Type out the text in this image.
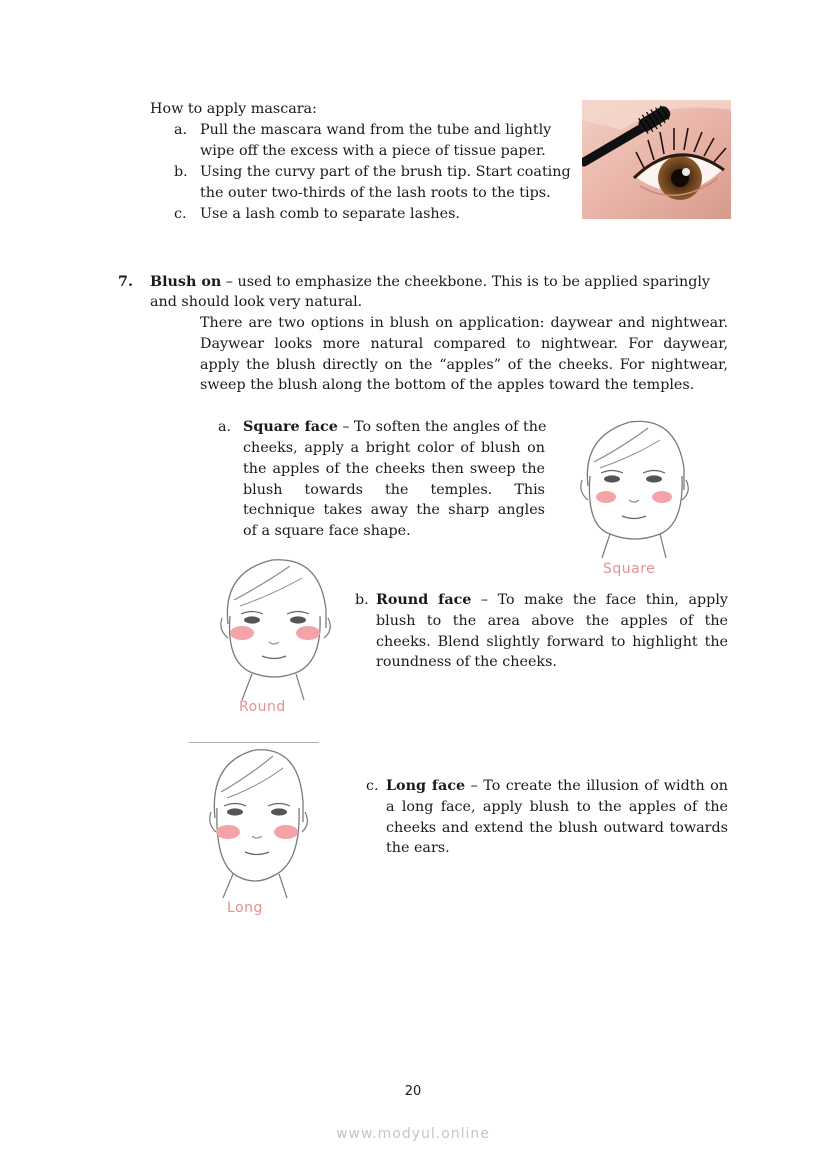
How to apply mascara:
a. Pull the mascara wand from the tube and lightly
wipe off the excess with a piece of tissue paper.
b. Using the curvy part of the brush tip. Start coating
the outer two-thirds of the lash roots to the tips.
c. Use a lash comb to separate lashes.
7. Blush on – used to emphasize the cheekbone. This is to be applied sparingly
and should look very natural.
There are two options in blush on application: daywear and nightwear.
Daywear looks more natural compared to nightwear. For daywear,
apply the blush directly on the “apples” of the cheeks. For nightwear,
sweep the blush along the bottom of the apples toward the temples.
a. Square face – To soften the angles of the
cheeks, apply a bright color of blush on
the apples of the cheeks then sweep the
blush towards the temples. This
technique takes away the sharp angles
of a square face shape.
Square
Round
b. Round face – To make the face thin, apply
blush to the area above the apples of the
cheeks. Blend slightly forward to highlight the
roundness of the cheeks.
Long
c. Long face – To create the illusion of width on
a long face, apply blush to the apples of the
cheeks and extend the blush outward towards
the ears.
20
www.modyul.online
